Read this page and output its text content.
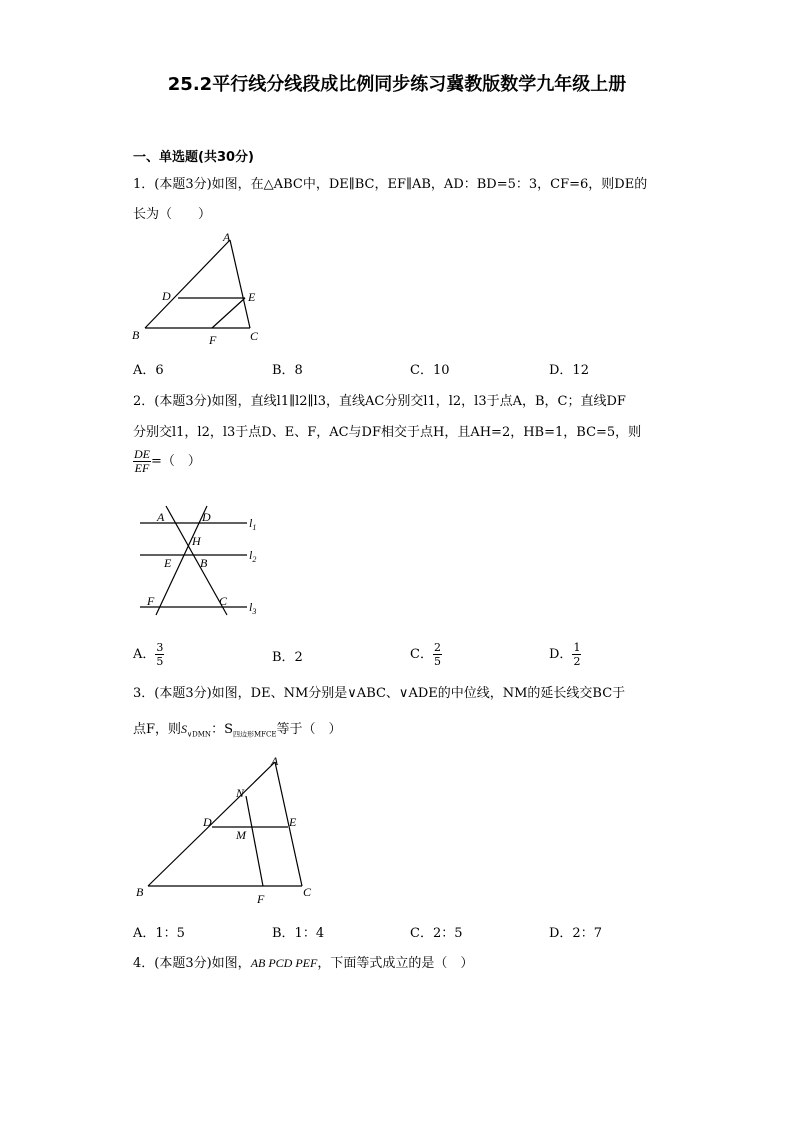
25.2平行线分线段成比例同步练习冀教版数学九年级上册
一、单选题(共30分)
1．(本题3分)如图，在△ABC中，DE∥BC，EF∥AB，AD：BD=5：3，CF=6，则DE的
长为（　　）
A
D	E
B	F	C
A．6	B．8	C．10	D．12
2．(本题3分)如图，直线l1∥l2∥l3，直线AC分别交l1，l2，l3于点A，B，C；直线DF
分别交l1，l2，l3于点D、E、F，AC与DF相交于点H，且AH=2，HB=1，BC=5，则
$\frac{DE}{EF}$ =（　）
A	D
H
E B
F	C
$l_1$
$l_2$
$l_3$
A． $\frac{3}{5}$	B．2	C． $\frac{2}{5}$	D． $\frac{1}{2}$
3．(本题3分)如图，DE、NM分别是∨ABC、∨ADE的中位线，NM的延长线交BC于
点F，则$S_{\vee DMN}$：$S_{四边形MFCE}$等于（　）
A
N
D	E
M
B	F	C
A．1：5	B．1：4	C．2：5	D．2：7
4．(本题3分)如图，AB PCD PEF，下面等式成立的是（　）
